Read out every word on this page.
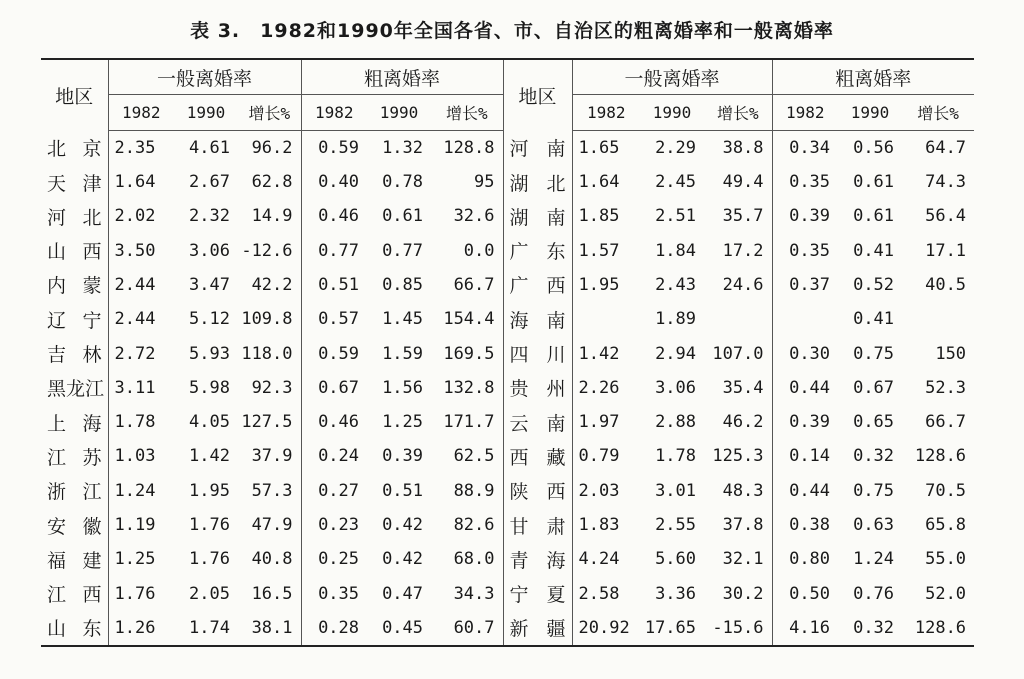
表 3.　1982和1990年全国各省、市、自治区的粗离婚率和一般离婚率
地区	一般离婚率			粗离婚率			地区	一般离婚率			粗离婚率		
	1982	1990	增长%	1982	1990	增长%		1982	1990	增长%	1982	1990	增长%
北京	2.35	4.61	96.2	0.59	1.32	128.8	河南	1.65	2.29	38.8	0.34	0.56	64.7
天津	1.64	2.67	62.8	0.40	0.78	95	湖北	1.64	2.45	49.4	0.35	0.61	74.3
河北	2.02	2.32	14.9	0.46	0.61	32.6	湖南	1.85	2.51	35.7	0.39	0.61	56.4
山西	3.50	3.06	-12.6	0.77	0.77	0.0	广东	1.57	1.84	17.2	0.35	0.41	17.1
内蒙	2.44	3.47	42.2	0.51	0.85	66.7	广西	1.95	2.43	24.6	0.37	0.52	40.5
辽宁	2.44	5.12	109.8	0.57	1.45	154.4	海南		1.89			0.41	
吉林	2.72	5.93	118.0	0.59	1.59	169.5	四川	1.42	2.94	107.0	0.30	0.75	150
黑龙江	3.11	5.98	92.3	0.67	1.56	132.8	贵州	2.26	3.06	35.4	0.44	0.67	52.3
上海	1.78	4.05	127.5	0.46	1.25	171.7	云南	1.97	2.88	46.2	0.39	0.65	66.7
江苏	1.03	1.42	37.9	0.24	0.39	62.5	西藏	0.79	1.78	125.3	0.14	0.32	128.6
浙江	1.24	1.95	57.3	0.27	0.51	88.9	陕西	2.03	3.01	48.3	0.44	0.75	70.5
安徽	1.19	1.76	47.9	0.23	0.42	82.6	甘肃	1.83	2.55	37.8	0.38	0.63	65.8
福建	1.25	1.76	40.8	0.25	0.42	68.0	青海	4.24	5.60	32.1	0.80	1.24	55.0
江西	1.76	2.05	16.5	0.35	0.47	34.3	宁夏	2.58	3.36	30.2	0.50	0.76	52.0
山东	1.26	1.74	38.1	0.28	0.45	60.7	新疆	20.92	17.65	-15.6	4.16	0.32	128.6
